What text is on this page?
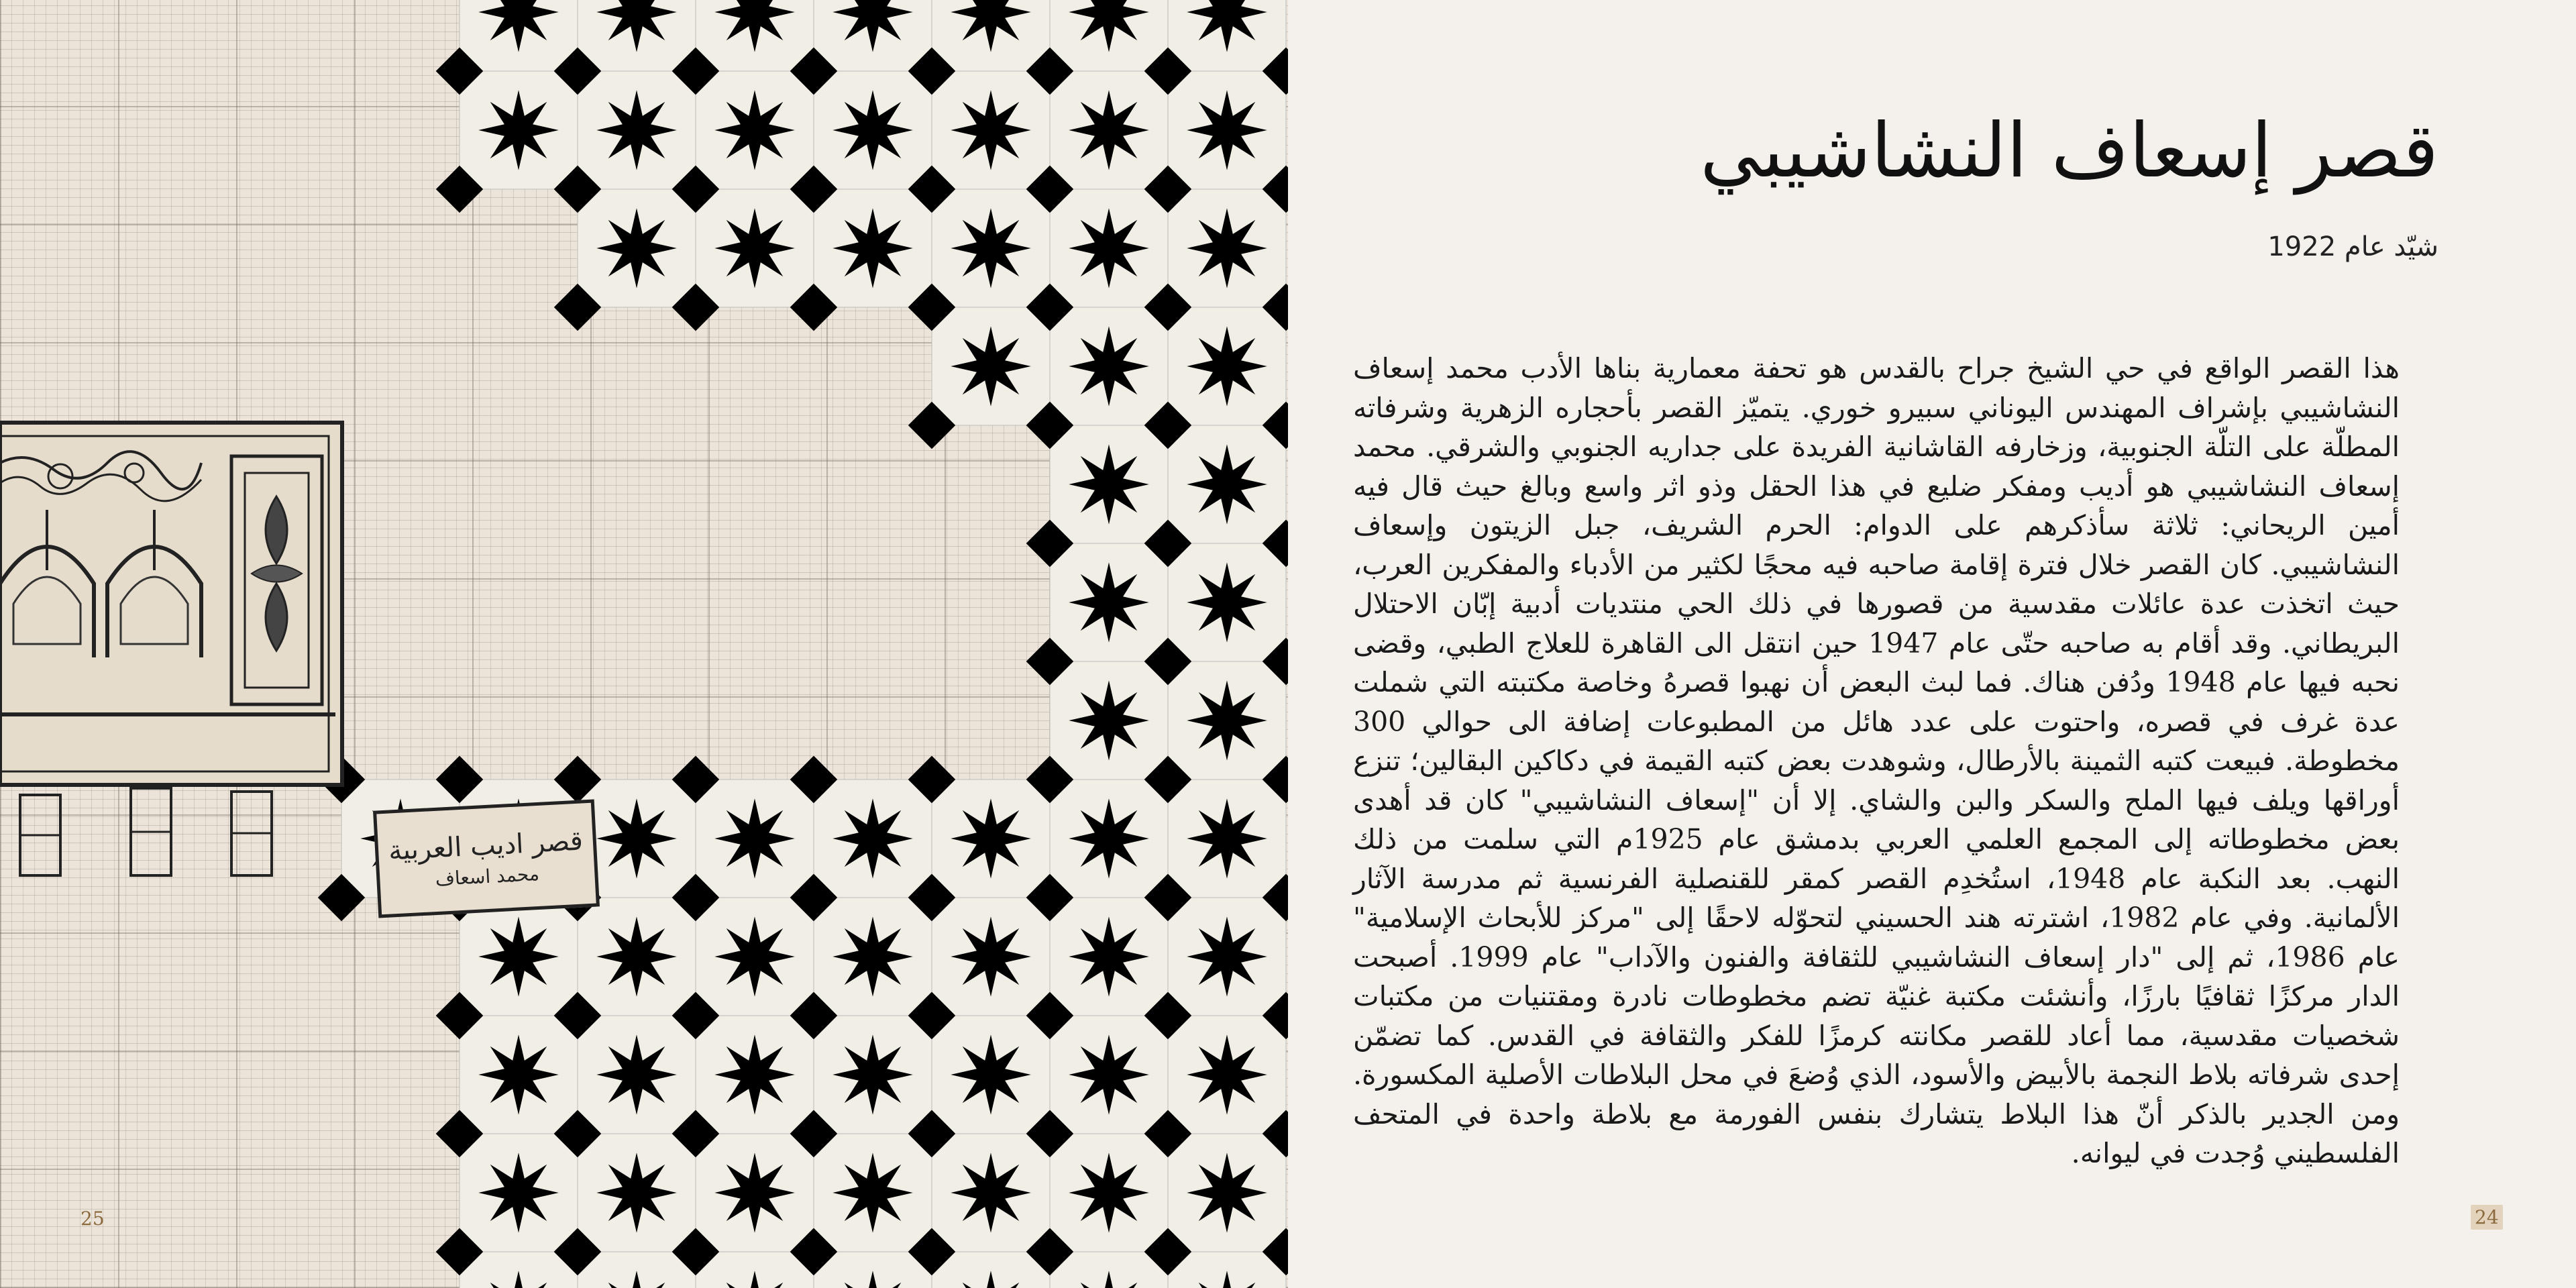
قصر ادیب العربیة
محمد اسعاف
25
قصر إسعاف النشاشيبي
شيّد عام 1922

هذا القصر الواقع في حي الشيخ جراح بالقدس هو تحفة معمارية بناها الأدب محمد إسعاف النشاشيبي بإشراف المهندس اليوناني سبيرو خوري. يتميّز القصر بأحجاره الزهرية وشرفاته المطلّة على التلّة الجنوبية، وزخارفه القاشانية الفريدة على جداريه الجنوبي والشرقي. محمد إسعاف النشاشيبي هو أديب ومفكر ضليع في هذا الحقل وذو اثر واسع وبالغ حيث قال فيه أمين الريحاني: ثلاثة سأذكرهم على الدوام: الحرم الشريف، جبل الزيتون وإسعاف النشاشيبي. كان القصر خلال فترة إقامة صاحبه فيه محجًا لكثير من الأدباء والمفكرين العرب، حيث اتخذت عدة عائلات مقدسية من قصورها في ذلك الحي منتديات أدبية إبّان الاحتلال البريطاني. وقد أقام به صاحبه حتّى عام 1947 حين انتقل الى القاهرة للعلاج الطبي، وقضى نحبه فيها عام 1948 ودُفن هناك. فما لبث البعض أن نهبوا قصرهُ وخاصة مكتبته التي شملت عدة غرف في قصره، واحتوت على عدد هائل من المطبوعات إضافة الى حوالي 300 مخطوطة. فبيعت كتبه الثمينة بالأرطال، وشوهدت بعض كتبه القيمة في دكاكين البقالين؛ تنزع أوراقها ويلف فيها الملح والسكر والبن والشاي. إلا أن "إسعاف النشاشيبي" كان قد أهدى بعض مخطوطاته إلى المجمع العلمي العربي بدمشق عام 1925م التي سلمت من ذلك النهب. بعد النكبة عام 1948، استُخدِم القصر كمقر للقنصلية الفرنسية ثم مدرسة الآثار الألمانية. وفي عام 1982، اشترته هند الحسيني لتحوّله لاحقًا إلى "مركز للأبحاث الإسلامية" عام 1986، ثم إلى "دار إسعاف النشاشيبي للثقافة والفنون والآداب" عام 1999. أصبحت الدار مركزًا ثقافيًا بارزًا، وأنشئت مكتبة غنيّة تضم مخطوطات نادرة ومقتنيات من مكتبات شخصيات مقدسية، مما أعاد للقصر مكانته كرمزًا للفكر والثقافة في القدس. كما تضمّن إحدى شرفاته بلاط النجمة بالأبيض والأسود، الذي وُضعَ في محل البلاطات الأصلية المكسورة. ومن الجدير بالذكر أنّ هذا البلاط يتشارك بنفس الفورمة مع بلاطة واحدة في المتحف الفلسطيني وُجدت في ليوانه.

24
